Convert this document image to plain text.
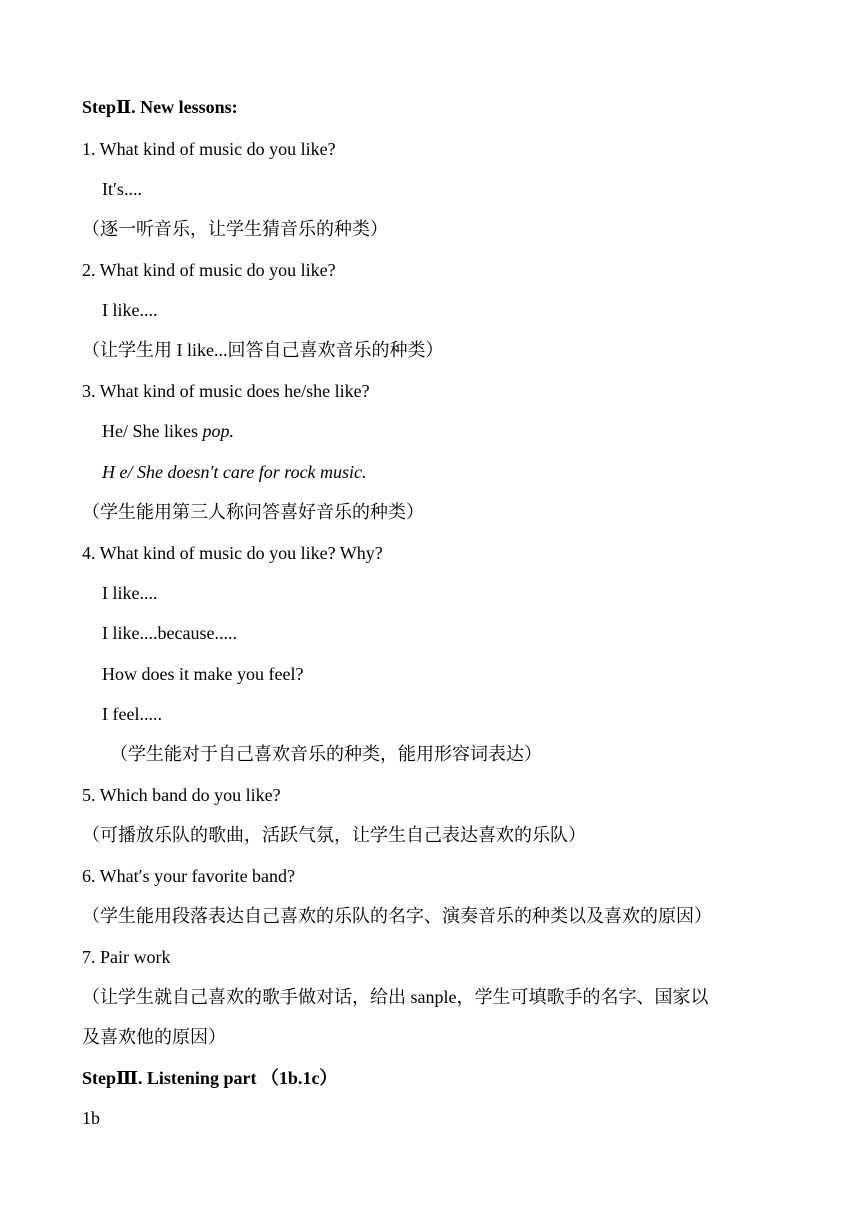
StepⅡ. New lessons:
1. What kind of music do you like?
It′s....
（逐一听音乐，让学生猜音乐的种类）
2. What kind of music do you like?
I like....
（让学生用 I like...回答自己喜欢音乐的种类）
3. What kind of music does he/she like?
He/ She likes pop.
H e/ She doesn′t care for rock music.
（学生能用第三人称问答喜好音乐的种类）
4. What kind of music do you like? Why?
I like....
I like....because.....
How does it make you feel?
I feel.....
（学生能对于自己喜欢音乐的种类，能用形容词表达）
5. Which band do you like?
（可播放乐队的歌曲，活跃气氛，让学生自己表达喜欢的乐队）
6. What′s your favorite band?
（学生能用段落表达自己喜欢的乐队的名字、演奏音乐的种类以及喜欢的原因）
7. Pair work
（让学生就自己喜欢的歌手做对话，给出 sanple，学生可填歌手的名字、国家以
及喜欢他的原因）
StepⅢ. Listening part （1b.1c）
1b
